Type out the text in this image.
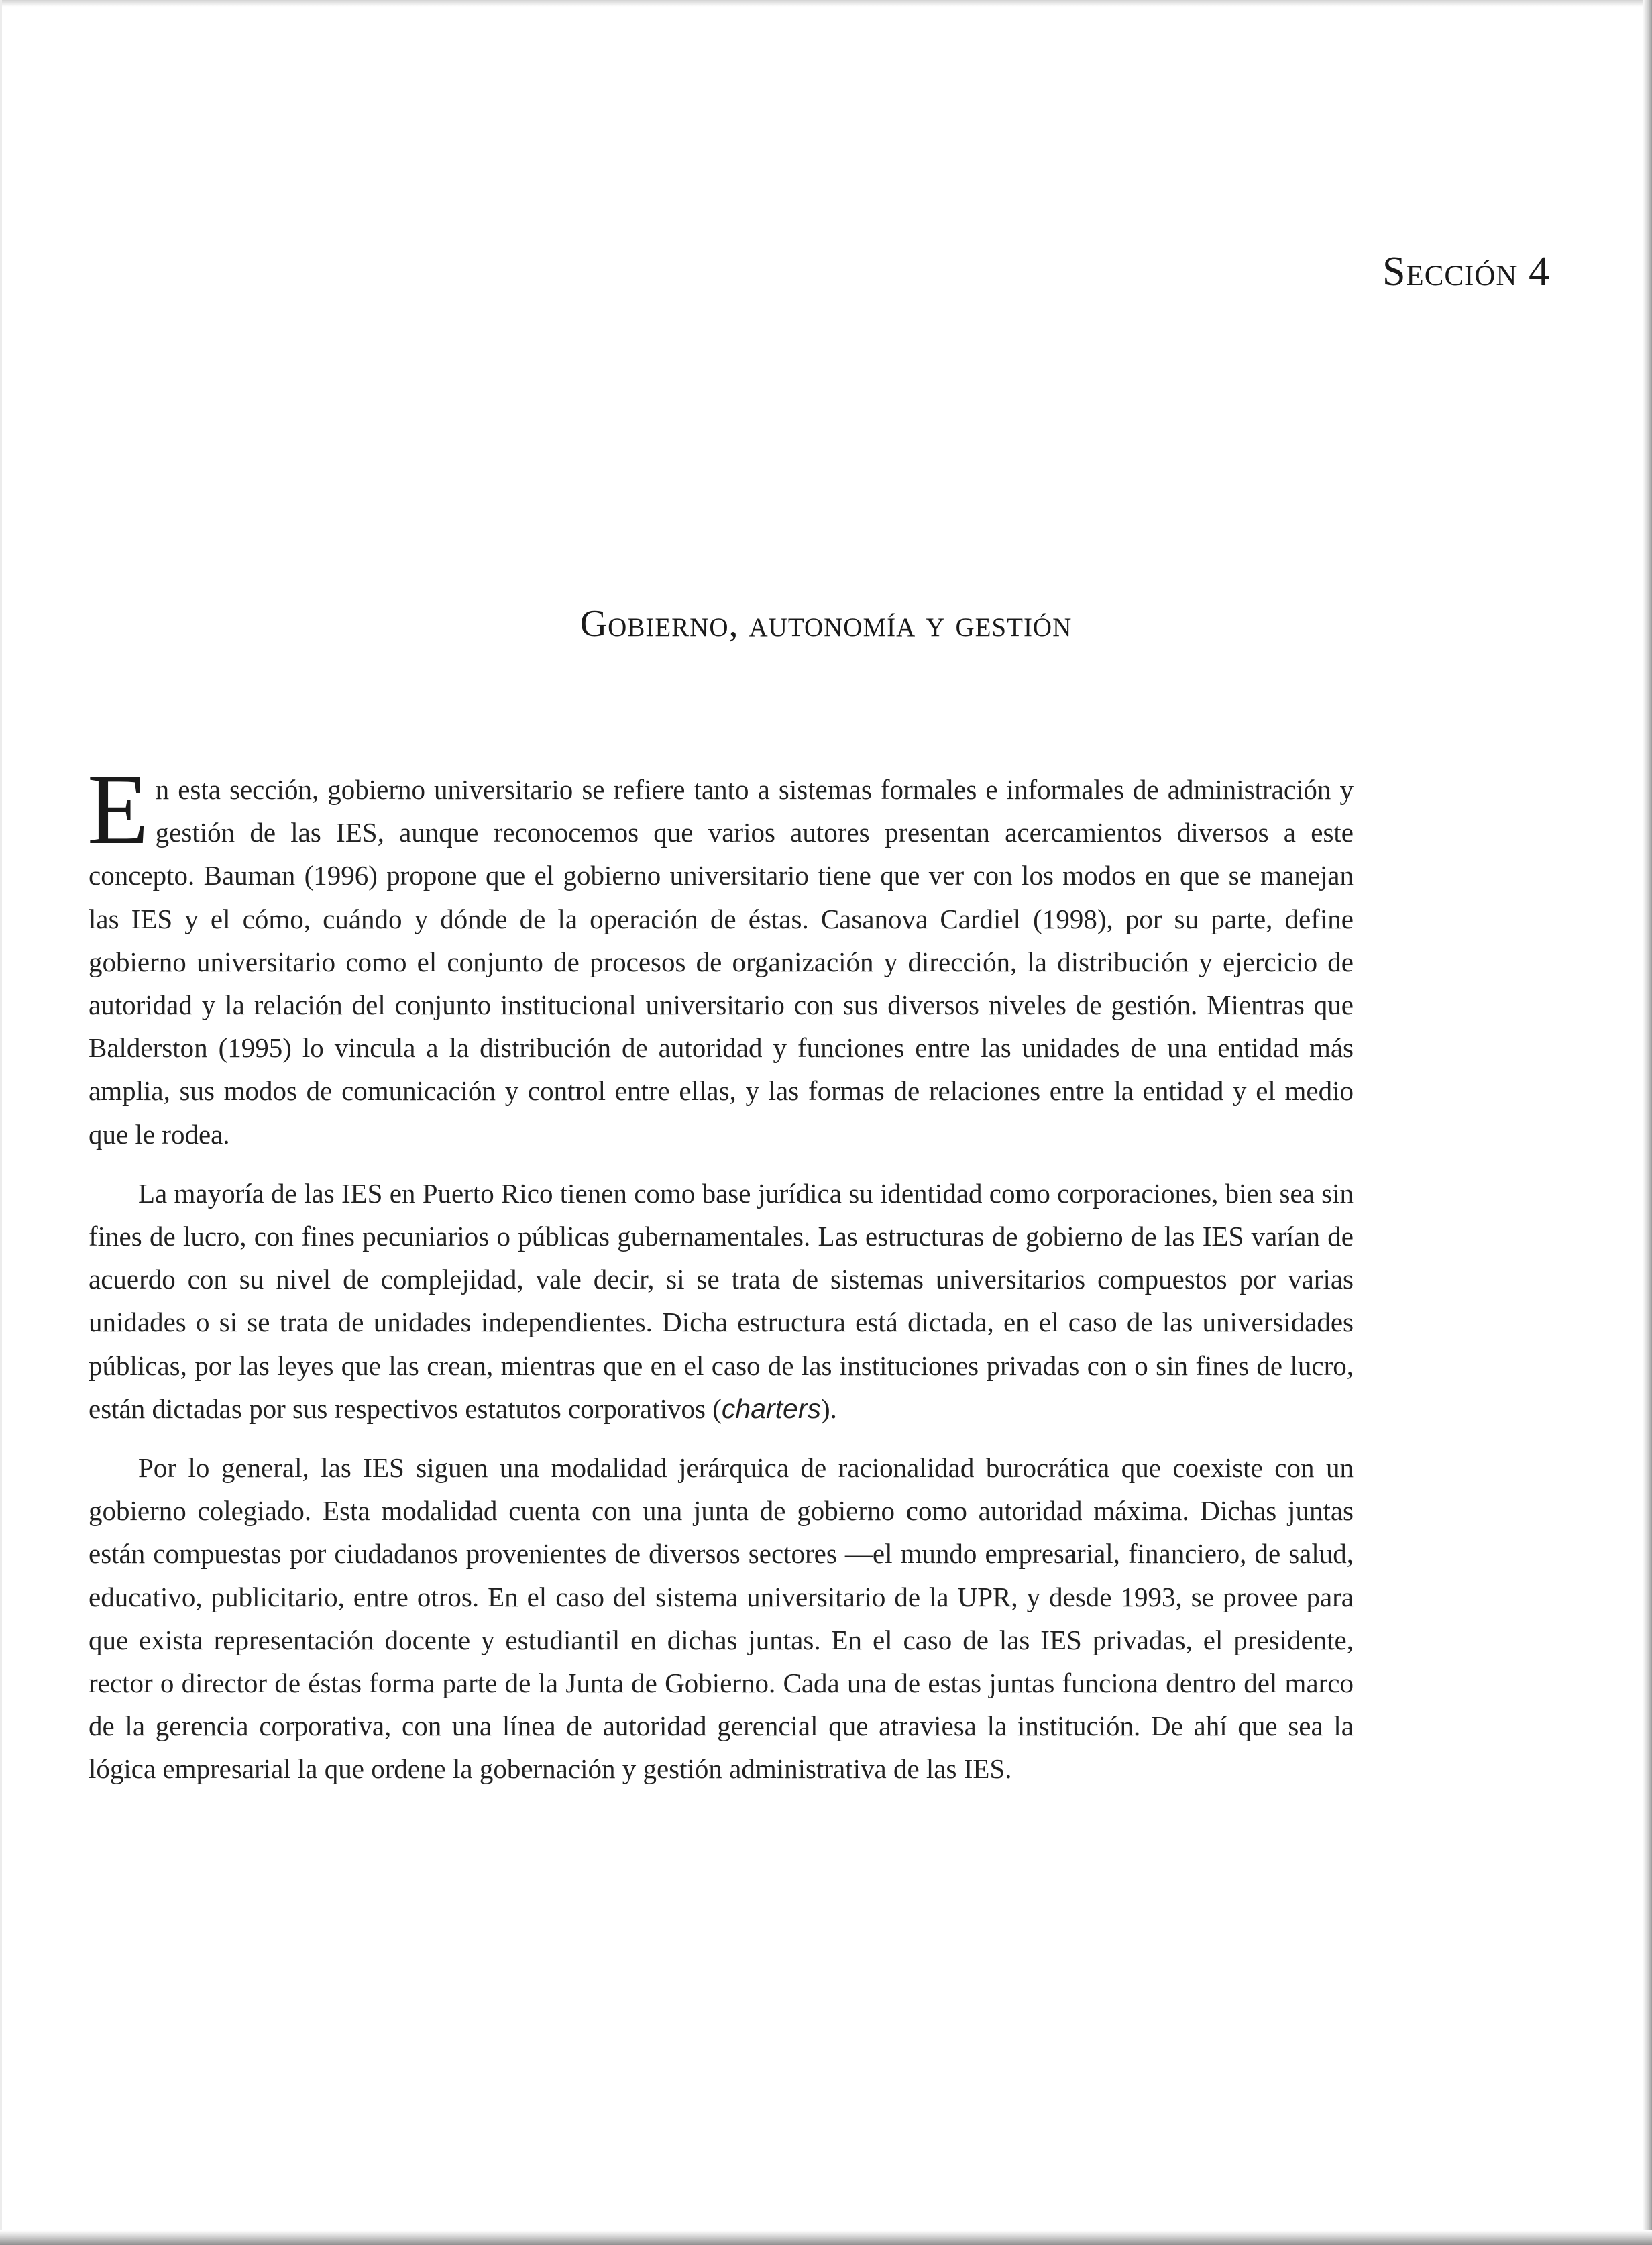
Sección 4
Gobierno, autonomía y gestión

En esta sección, gobierno universitario se refiere tanto a sistemas formales e informales de administración y gestión de las IES, aunque reconocemos que varios autores presentan acercamientos diversos a este concepto. Bauman (1996) propone que el gobierno universitario tiene que ver con los modos en que se manejan las IES y el cómo, cuándo y dónde de la operación de éstas. Casanova Cardiel (1998), por su parte, define gobierno universitario como el conjunto de procesos de organización y dirección, la distribución y ejercicio de autoridad y la relación del conjunto institucional universitario con sus diversos niveles de gestión. Mientras que Balderston (1995) lo vincula a la distribución de autoridad y funciones entre las unidades de una entidad más amplia, sus modos de comunicación y control entre ellas, y las formas de relaciones entre la entidad y el medio que le rodea.

La mayoría de las IES en Puerto Rico tienen como base jurídica su identidad como corporaciones, bien sea sin fines de lucro, con fines pecuniarios o públicas gubernamentales. Las estructuras de gobierno de las IES varían de acuerdo con su nivel de complejidad, vale decir, si se trata de sistemas universitarios compuestos por varias unidades o si se trata de unidades independientes. Dicha estructura está dictada, en el caso de las universidades públicas, por las leyes que las crean, mientras que en el caso de las instituciones privadas con o sin fines de lucro, están dictadas por sus respectivos estatutos corporativos (charters).

Por lo general, las IES siguen una modalidad jerárquica de racionalidad burocrática que coexiste con un gobierno colegiado. Esta modalidad cuenta con una junta de gobierno como autoridad máxima. Dichas juntas están compuestas por ciudadanos provenientes de diversos sectores —el mundo empresarial, financiero, de salud, educativo, publicitario, entre otros. En el caso del sistema universitario de la UPR, y desde 1993, se provee para que exista representación docente y estudiantil en dichas juntas. En el caso de las IES privadas, el presidente, rector o director de éstas forma parte de la Junta de Gobierno. Cada una de estas juntas funciona dentro del marco de la gerencia corporativa, con una línea de autoridad gerencial que atraviesa la institución. De ahí que sea la lógica empresarial la que ordene la gobernación y gestión administrativa de las IES.
